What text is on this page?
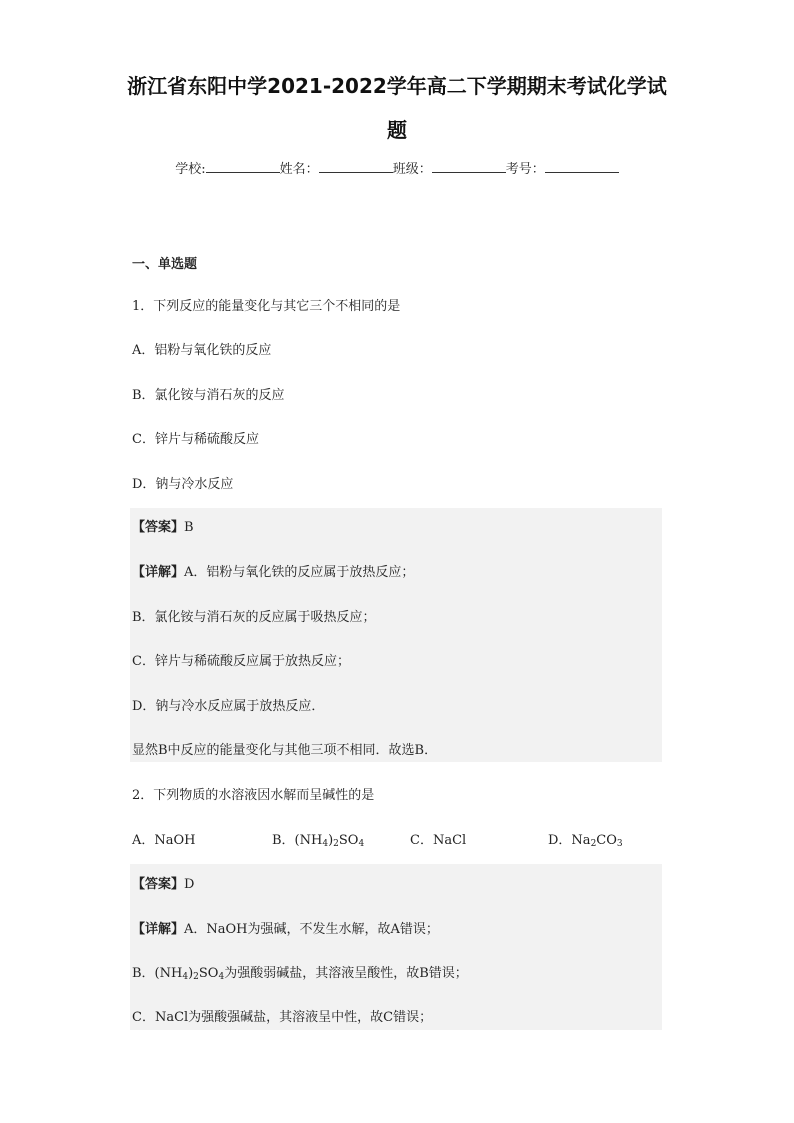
浙江省东阳中学2021-2022学年高二下学期期末考试化学试
题
学校:	姓名：	班级：	考号：
一、单选题
1．下列反应的能量变化与其它三个不相同的是
A．铝粉与氧化铁的反应
B．氯化铵与消石灰的反应
C．锌片与稀硫酸反应
D．钠与冷水反应
【答案】B
【详解】A．铝粉与氧化铁的反应属于放热反应；
B．氯化铵与消石灰的反应属于吸热反应；
C．锌片与稀硫酸反应属于放热反应；
D．钠与冷水反应属于放热反应．
显然B中反应的能量变化与其他三项不相同．故选B．
2．下列物质的水溶液因水解而呈碱性的是
A．NaOH	B．$(NH_4)_2SO_4$	C．NaCl	D．$Na_2CO_3$
【答案】D
【详解】A．NaOH为强碱，不发生水解，故A错误；
B．$(NH_4)_2SO_4$为强酸弱碱盐，其溶液呈酸性，故B错误；
C．NaCl为强酸强碱盐，其溶液呈中性，故C错误；
